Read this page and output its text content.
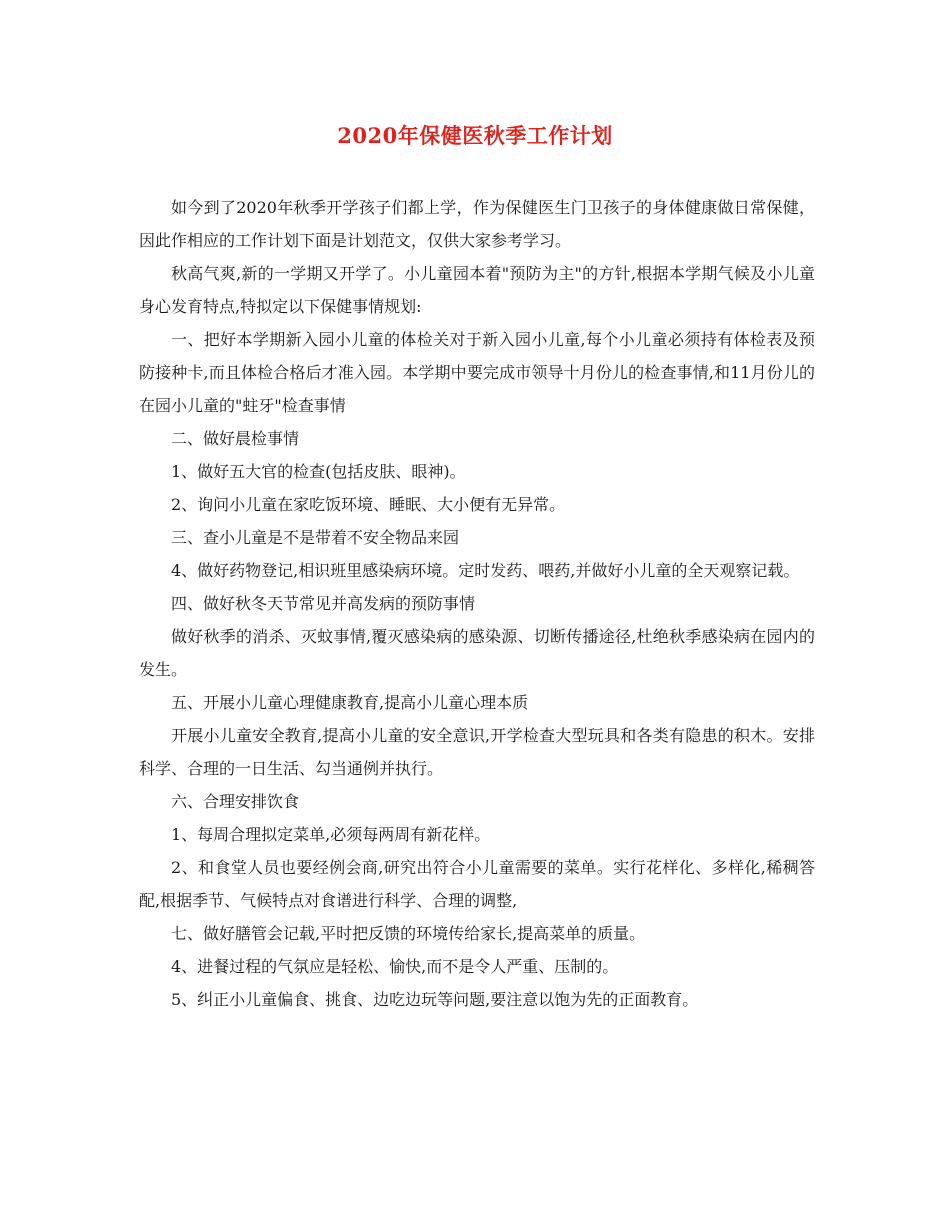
2020年保健医秋季工作计划

如今到了2020年秋季开学孩子们都上学，作为保健医生门卫孩子的身体健康做日常保健，因此作相应的工作计划下面是计划范文，仅供大家参考学习。

秋高气爽,新的一学期又开学了。小儿童园本着"预防为主"的方针,根据本学期气候及小儿童身心发育特点,特拟定以下保健事情规划:

一、把好本学期新入园小儿童的体检关对于新入园小儿童,每个小儿童必须持有体检表及预防接种卡,而且体检合格后才准入园。本学期中要完成市领导十月份儿的检查事情,和11月份儿的在园小儿童的"蛀牙"检查事情

二、做好晨检事情

1、做好五大官的检查(包括皮肤、眼神)。

2、询问小儿童在家吃饭环境、睡眠、大小便有无异常。

三、查小儿童是不是带着不安全物品来园

4、做好药物登记,相识班里感染病环境。定时发药、喂药,并做好小儿童的全天观察记载。

四、做好秋冬天节常见并高发病的预防事情

做好秋季的消杀、灭蚊事情,覆灭感染病的感染源、切断传播途径,杜绝秋季感染病在园内的发生。

五、开展小儿童心理健康教育,提高小儿童心理本质

开展小儿童安全教育,提高小儿童的安全意识,开学检查大型玩具和各类有隐患的积木。安排科学、合理的一日生活、勾当通例并执行。

六、合理安排饮食

1、每周合理拟定菜单,必须每两周有新花样。

2、和食堂人员也要经例会商,研究出符合小儿童需要的菜单。实行花样化、多样化,稀稠答配,根据季节、气候特点对食谱进行科学、合理的调整,

七、做好膳管会记载,平时把反馈的环境传给家长,提高菜单的质量。

4、进餐过程的气氛应是轻松、愉快,而不是令人严重、压制的。

5、纠正小儿童偏食、挑食、边吃边玩等问题,要注意以饱为先的正面教育。
